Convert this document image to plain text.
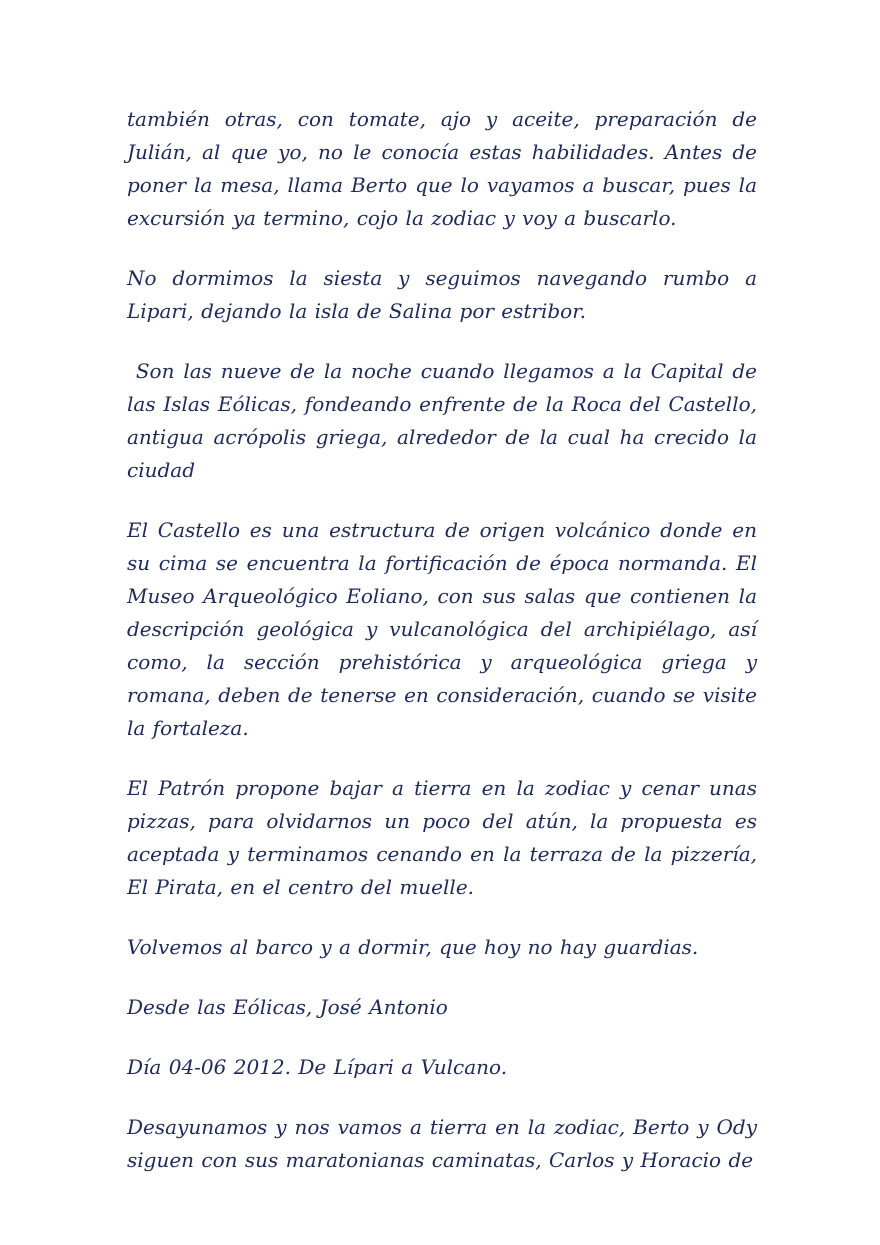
también otras, con tomate, ajo y aceite, preparación de Julián, al que yo, no le conocía estas habilidades. Antes de poner la mesa, llama Berto que lo vayamos a buscar, pues la excursión ya termino, cojo la zodiac y voy a buscarlo.

No dormimos la siesta y seguimos navegando rumbo a Lipari, dejando la isla de Salina por estribor.

Son las nueve de la noche cuando llegamos a la Capital de las Islas Eólicas, fondeando enfrente de la Roca del Castello, antigua acrópolis griega, alrededor de la cual ha crecido la ciudad

El Castello es una estructura de origen volcánico donde en su cima se encuentra la fortificación de época normanda. El Museo Arqueológico Eoliano, con sus salas que contienen la descripción geológica y vulcanológica del archipiélago, así como, la sección prehistórica y arqueológica griega y romana, deben de tenerse en consideración, cuando se visite la fortaleza.

El Patrón propone bajar a tierra en la zodiac y cenar unas pizzas, para olvidarnos un poco del atún, la propuesta es aceptada y terminamos cenando en la terraza de la pizzería, El Pirata, en el centro del muelle.

Volvemos al barco y a dormir, que hoy no hay guardias.

Desde las Eólicas, José Antonio

Día 04-06 2012. De Lípari a Vulcano.

Desayunamos y nos vamos a tierra en la zodiac, Berto y Ody siguen con sus maratonianas caminatas, Carlos y Horacio de
